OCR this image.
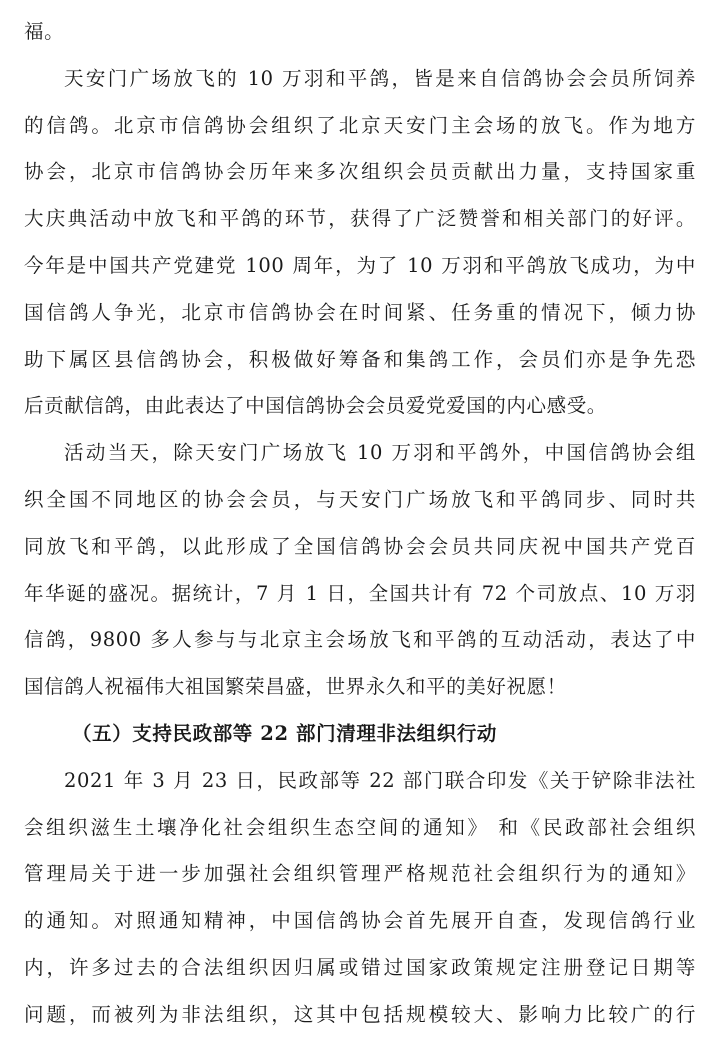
福。
天安门广场放飞的 10 万羽和平鸽，皆是来自信鸽协会会员所饲养
的信鸽。北京市信鸽协会组织了北京天安门主会场的放飞。作为地方
协会，北京市信鸽协会历年来多次组织会员贡献出力量，支持国家重
大庆典活动中放飞和平鸽的环节，获得了广泛赞誉和相关部门的好评。
今年是中国共产党建党 100 周年，为了 10 万羽和平鸽放飞成功，为中
国信鸽人争光，北京市信鸽协会在时间紧、任务重的情况下，倾力协
助下属区县信鸽协会，积极做好筹备和集鸽工作，会员们亦是争先恐
后贡献信鸽，由此表达了中国信鸽协会会员爱党爱国的内心感受。
活动当天，除天安门广场放飞 10 万羽和平鸽外，中国信鸽协会组
织全国不同地区的协会会员，与天安门广场放飞和平鸽同步、同时共
同放飞和平鸽，以此形成了全国信鸽协会会员共同庆祝中国共产党百
年华诞的盛况。据统计，7 月 1 日，全国共计有 72 个司放点、10 万羽
信鸽，9800 多人参与与北京主会场放飞和平鸽的互动活动，表达了中
国信鸽人祝福伟大祖国繁荣昌盛，世界永久和平的美好祝愿！
（五）支持民政部等 22 部门清理非法组织行动
2021 年 3 月 23 日，民政部等 22 部门联合印发《关于铲除非法社
会组织滋生土壤净化社会组织生态空间的通知》 和《民政部社会组织
管理局关于进一步加强社会组织管理严格规范社会组织行为的通知》
的通知。对照通知精神，中国信鸽协会首先展开自查，发现信鸽行业
内，许多过去的合法组织因归属或错过国家政策规定注册登记日期等
问题，而被列为非法组织，这其中包括规模较大、影响力比较广的行
